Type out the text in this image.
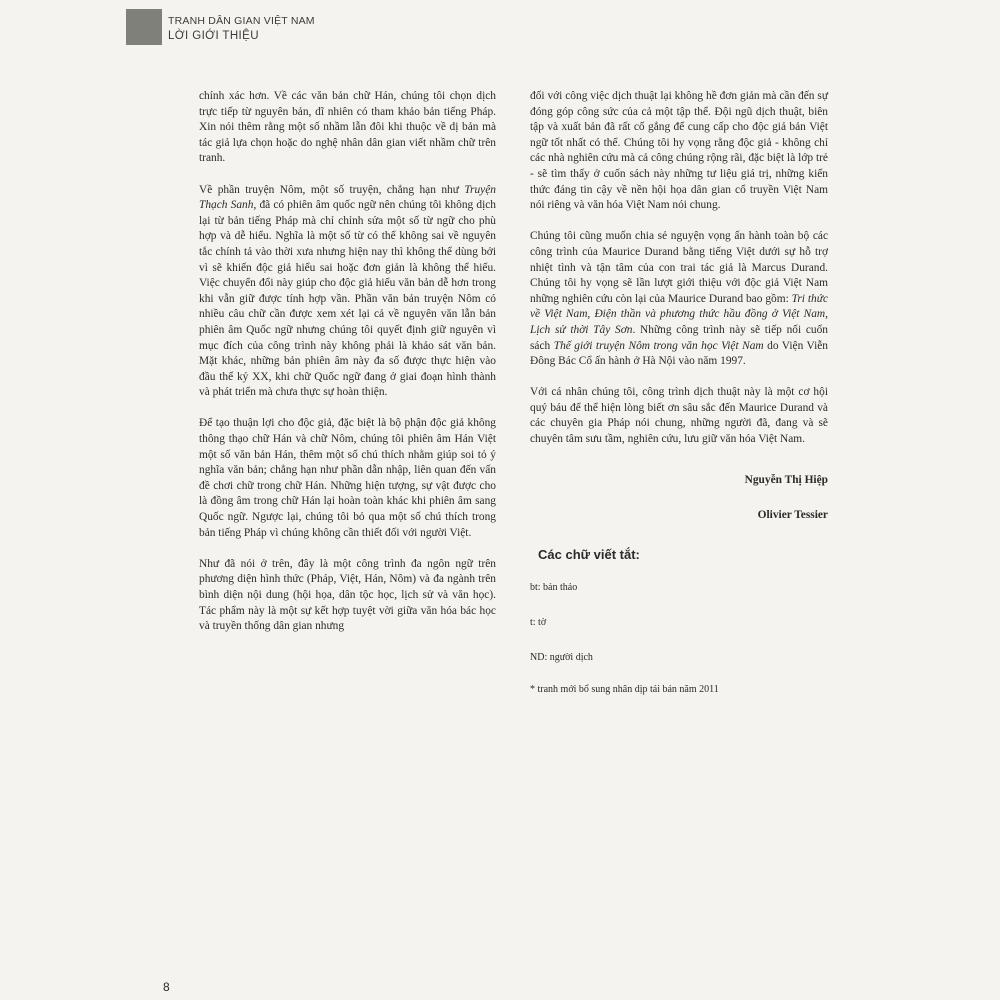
TRANH DÂN GIAN VIỆT NAM
LỜI GIỚI THIỆU

chính xác hơn. Về các văn bản chữ Hán, chúng tôi chọn dịch trực tiếp từ nguyên bản, dĩ nhiên có tham khảo bản tiếng Pháp. Xin nói thêm rằng một số nhầm lẫn đôi khi thuộc về dị bản mà tác giả lựa chọn hoặc do nghệ nhân dân gian viết nhầm chữ trên tranh.

Về phần truyện Nôm, một số truyện, chẳng hạn như Truyện Thạch Sanh, đã có phiên âm quốc ngữ nên chúng tôi không dịch lại từ bản tiếng Pháp mà chỉ chỉnh sửa một số từ ngữ cho phù hợp và dễ hiểu. Nghĩa là một số từ có thể không sai về nguyên tắc chính tả vào thời xưa nhưng hiện nay thì không thể dùng bởi vì sẽ khiến độc giả hiểu sai hoặc đơn giản là không thể hiểu. Việc chuyển đổi này giúp cho độc giả hiểu văn bản dễ hơn trong khi vẫn giữ được tính hợp vần. Phần văn bản truyện Nôm có nhiều câu chữ cần được xem xét lại cả về nguyên văn lẫn bản phiên âm Quốc ngữ nhưng chúng tôi quyết định giữ nguyên vì mục đích của công trình này không phải là khảo sát văn bản. Mặt khác, những bản phiên âm này đa số được thực hiện vào đầu thế kỷ XX, khi chữ Quốc ngữ đang ở giai đoạn hình thành và phát triển mà chưa thực sự hoàn thiện.

Để tạo thuận lợi cho độc giả, đặc biệt là bộ phận độc giả không thông thạo chữ Hán và chữ Nôm, chúng tôi phiên âm Hán Việt một số văn bản Hán, thêm một số chú thích nhằm giúp soi tỏ ý nghĩa văn bản; chẳng hạn như phần dẫn nhập, liên quan đến vấn đề chơi chữ trong chữ Hán. Những hiện tượng, sự vật được cho là đồng âm trong chữ Hán lại hoàn toàn khác khi phiên âm sang Quốc ngữ. Ngược lại, chúng tôi bỏ qua một số chú thích trong bản tiếng Pháp vì chúng không cần thiết đối với người Việt.

Như đã nói ở trên, đây là một công trình đa ngôn ngữ trên phương diện hình thức (Pháp, Việt, Hán, Nôm) và đa ngành trên bình diện nội dung (hội họa, dân tộc học, lịch sử và văn học). Tác phẩm này là một sự kết hợp tuyệt vời giữa văn hóa bác học và truyền thống dân gian nhưng

đối với công việc dịch thuật lại không hề đơn giản mà cần đến sự đóng góp công sức của cả một tập thể. Đội ngũ dịch thuật, biên tập và xuất bản đã rất cố gắng để cung cấp cho độc giả bản Việt ngữ tốt nhất có thể. Chúng tôi hy vọng rằng độc giả - không chỉ các nhà nghiên cứu mà cả công chúng rộng rãi, đặc biệt là lớp trẻ - sẽ tìm thấy ở cuốn sách này những tư liệu giá trị, những kiến thức đáng tin cậy về nền hội họa dân gian cổ truyền Việt Nam nói riêng và văn hóa Việt Nam nói chung.

Chúng tôi cũng muốn chia sẻ nguyện vọng ấn hành toàn bộ các công trình của Maurice Durand bằng tiếng Việt dưới sự hỗ trợ nhiệt tình và tận tâm của con trai tác giả là Marcus Durand. Chúng tôi hy vọng sẽ lần lượt giới thiệu với độc giả Việt Nam những nghiên cứu còn lại của Maurice Durand bao gồm: Tri thức về Việt Nam, Điện thần và phương thức hầu đồng ở Việt Nam, Lịch sử thời Tây Sơn. Những công trình này sẽ tiếp nối cuốn sách Thế giới truyện Nôm trong văn học Việt Nam do Viện Viễn Đông Bác Cổ ấn hành ở Hà Nội vào năm 1997.

Với cá nhân chúng tôi, công trình dịch thuật này là một cơ hội quý báu để thể hiện lòng biết ơn sâu sắc đến Maurice Durand và các chuyên gia Pháp nói chung, những người đã, đang và sẽ chuyên tâm sưu tầm, nghiên cứu, lưu giữ văn hóa Việt Nam.

Nguyễn Thị Hiệp

Olivier Tessier

Các chữ viết tắt:

bt: bản thảo

t: tờ

ND: người dịch

* tranh mới bổ sung nhân dịp tái bản năm 2011

8
